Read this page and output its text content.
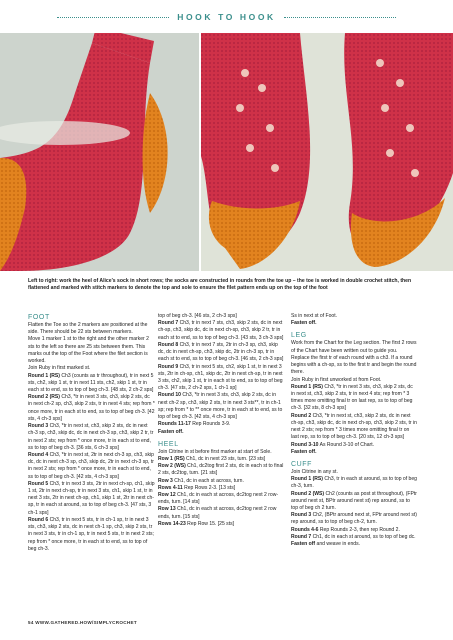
HOOK TO HOOK
Left to right: work the heel of Alice's sock in short rows; the socks are constructed in rounds from the toe up – the toe is worked in double crochet stitch, then flattened and marked with stitch markers to denote the top and sole to ensure the filet pattern ends up on the top of the foot

FOOT

Flatten the Toe so the 2 markers are positioned at the side. There should be 22 sts between markers.

Move 1 marker 1 st to the right and the other marker 2 sts to the left so there are 25 sts between them. This marks out the top of the Foot where the filet section is worked.

Join Ruby in first marked st.

Round 1 (RS) Ch3 (counts as tr throughout), tr in next 5 sts, ch2, skip 1 st, tr in next 11 sts, ch2, skip 1 st, tr in each st to end, ss to top of beg ch-3. [48 sts, 2 ch-2 sps]

Round 2 (RS) Ch3, *tr in next 3 sts, ch3, skip 2 sts, dc in next ch-2 sp, ch3, skip 2 sts, tr in next 4 sts; rep from * once more, tr in each st to end, ss to top of beg ch-3. [42 sts, 4 ch-3 sps]

Round 3 Ch3, *tr in next st, ch3, skip 2 sts, dc in next ch-3 sp, ch3, skip dc, dc in next ch-3 sp, ch3, skip 2 tr, tr in next 2 sts; rep from * once more, tr in each st to end, ss to top of beg ch-3. [36 sts, 6 ch-3 sps]

Round 4 Ch3, *tr in next st, 2tr in next ch-3 sp, ch3, skip dc, dc in next ch-3 sp, ch3, skip dc, 2tr in next ch-3 sp, tr in next 2 sts; rep from * once more, tr in each st to end, ss to top of beg ch-3. [42 sts, 4 ch-3 sps]

Round 5 Ch3, tr in next 3 sts, 2tr in next ch-sp, ch1, skip 1 st, 2tr in next ch-sp, tr in next 3 sts, ch1, skip 1 st, tr in next 3 sts, 2tr in next ch-sp, ch1, skip 1 st, 2tr in next ch-sp, tr in each st around, ss to top of beg ch-3. [47 sts, 3 ch-1 sps]

Round 6 Ch3, tr in next 5 sts, tr in ch-1 sp, tr in next 3 sts, ch3, skip 2 sts, dc in next ch-1 sp, ch3, skip 2 sts, tr in next 3 sts, tr in ch-1 sp, tr in next 5 sts, tr in next 2 sts; rep from * once more, tr in each st to end, ss to top of beg ch-3.

top of beg ch-3. [46 sts, 2 ch-3 sps]

Round 7 Ch3, tr in next 7 sts, ch3, skip 2 sts, dc in next ch-sp, ch3, skip dc, dc in next ch-sp, ch3, skip 2 tr, tr in each st to end, ss to top of beg ch-3. [43 sts, 3 ch-3 sps]

Round 8 Ch3, tr in next 7 sts, 2tr in ch-3 sp, ch3, skip dc, dc in next ch-sp, ch3, skip dc, 2tr in ch-3 sp, tr in each st to end, ss to top of beg ch-3. [46 sts, 2 ch-3 sps]

Round 9 Ch3, tr in next 5 sts, ch2, skip 1 st, tr in next 3 sts, 2tr in ch-sp, ch1, skip dc, 2tr in next ch-sp, tr in next 3 sts, ch2, skip 1 st, tr in each st to end, ss to top of beg ch-3. [47 sts, 2 ch-2 sps, 1 ch-1 sp]

Round 10 Ch3, *tr in next 3 sts, ch3, skip 2 sts, dc in next ch-2 sp, ch3, skip 2 sts, tr in next 3 sts**, tr in ch-1 sp; rep from * to ** once more, tr in each st to end, ss to top of beg ch-3. [42 sts, 4 ch-3 sps]

Rounds 11-17 Rep Rounds 3-9.

Fasten off.

HEEL

Join Citrine in st before first marker at start of Sole.

Row 1 (RS) Ch1, dc in next 23 sts, turn. [23 sts]

Row 2 (WS) Ch1, dc2tog first 2 sts, dc in each st to final 2 sts, dc2tog, turn. [21 sts]

Row 3 Ch1, dc in each st across, turn.

Rows 4-11 Rep Rows 2-3. [13 sts]

Row 12 Ch1, dc in each st across, dc2tog next 2 row-ends, turn. [14 sts]

Row 13 Ch1, dc in each st across, dc2tog next 2 row ends, turn. [15 sts]

Rows 14-23 Rep Row 15. [25 sts]

Ss in next st of Foot.

Fasten off.

LEG

Work from the Chart for the Leg section. The first 2 rows of the Chart have been written out to guide you.

Replace the first tr of each round with a ch3. If a round begins with a ch-sp, ss to the first tr and begin the round there.

Join Ruby in first unworked st from Foot.

Round 1 (RS) Ch3, *tr in next 3 sts, ch3, skip 2 sts, dc in next st, ch3, skip 2 sts, tr in next 4 sts; rep from * 3 times more omitting final tr on last rep, ss to top of beg ch-3. [32 sts, 8 ch-3 sps]

Round 2 Ch3, *tr in next st, ch3, skip 2 sts, dc in next ch-sp, ch3, skip dc, dc in next ch-sp, ch3, skip 2 sts, tr in next 2 sts; rep from * 3 times more omitting final tr on last rep, ss to top of beg ch-3. [20 sts, 12 ch-3 sps]

Round 3-10 As Round 3-10 of Chart.

Fasten off.

CUFF

Join Citrine in any st.

Round 1 (RS) Ch3, tr in each st around, ss to top of beg ch-3, turn.

Round 2 (WS) Ch2 (counts as post st throughout), (FPtr around next st, BPtr around next st) rep around, ss to top of beg ch 2 turn.

Round 3 Ch2, (BPtr around next st, FPtr around next st) rep around, ss to top of beg ch-2, turn.

Rounds 4-6 Rep Rounds 2-3, then rep Round 2.

Round 7 Ch1, dc in each st around, ss to top of beg dc.

Fasten off and weave in ends.

54 WWW.GATHERED.HOW/SIMPLYCROCHET
